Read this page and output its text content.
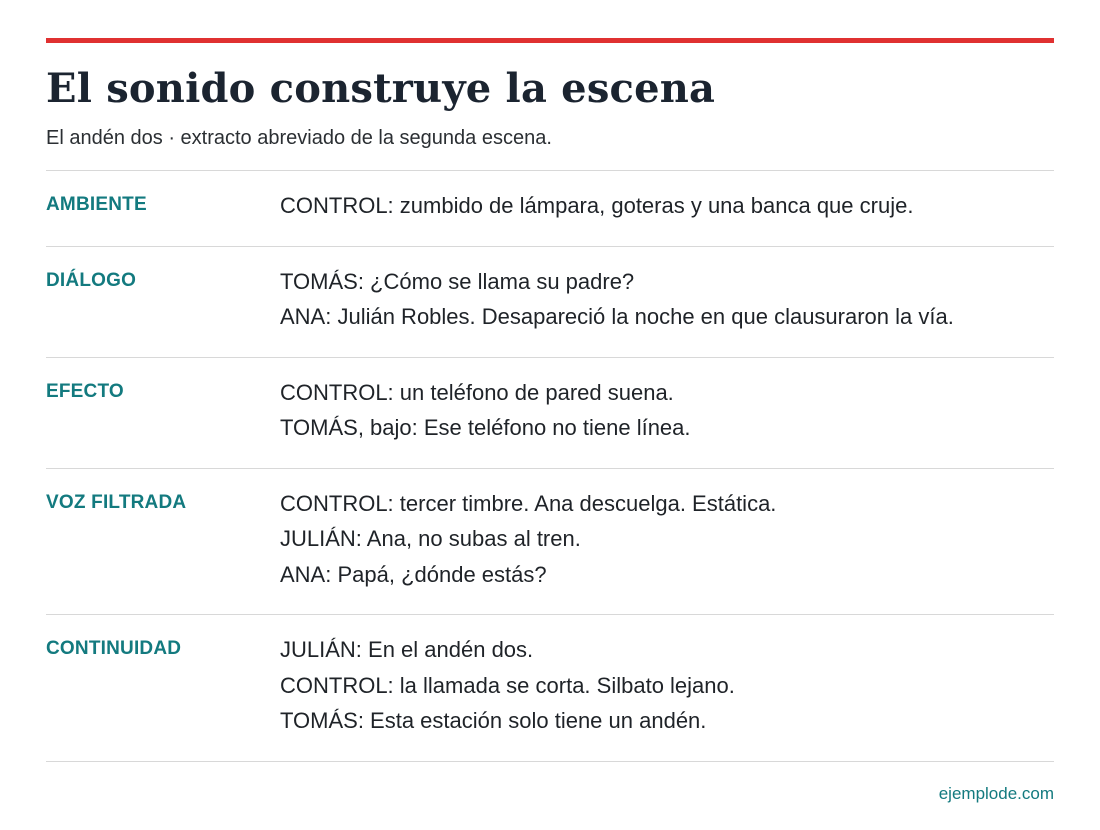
El sonido construye la escena

El andén dos · extracto abreviado de la segunda escena.

AMBIENTE	CONTROL: zumbido de lámpara, goteras y una banca que cruje.
DIÁLOGO	TOMÁS: ¿Cómo se llama su padre?
ANA: Julián Robles. Desapareció la noche en que clausuraron la vía.
EFECTO	CONTROL: un teléfono de pared suena.
TOMÁS, bajo: Ese teléfono no tiene línea.
VOZ FILTRADA	CONTROL: tercer timbre. Ana descuelga. Estática.
JULIÁN: Ana, no subas al tren.
ANA: Papá, ¿dónde estás?
CONTINUIDAD	JULIÁN: En el andén dos.
CONTROL: la llamada se corta. Silbato lejano.
TOMÁS: Esta estación solo tiene un andén.
ejemplode.com
